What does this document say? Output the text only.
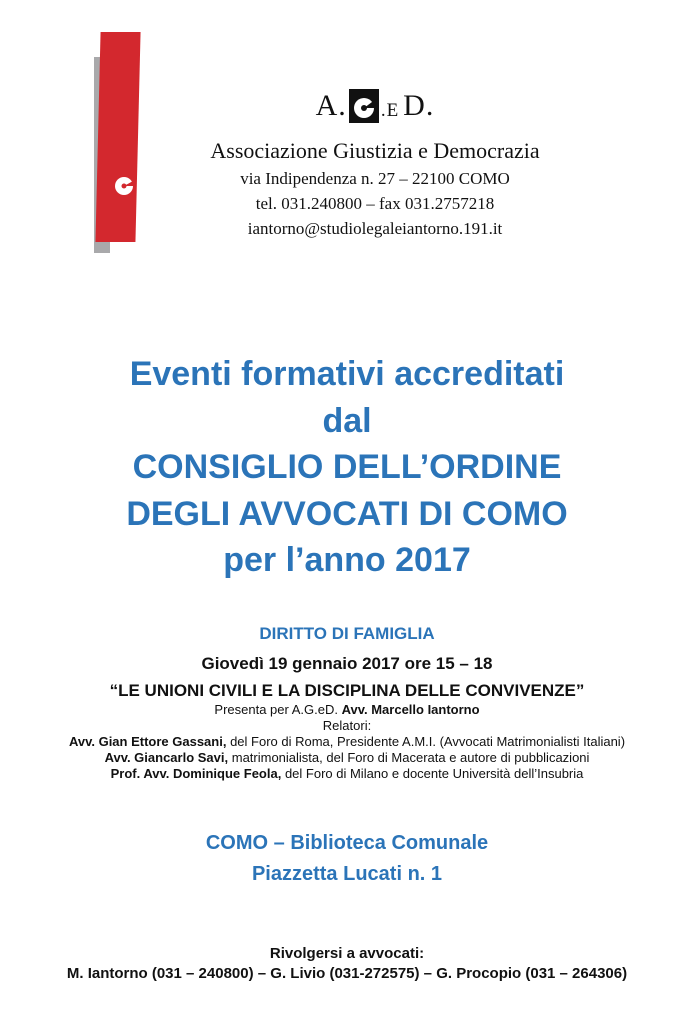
A. .E D.
Associazione Giustizia e Democrazia
via Indipendenza n. 27 – 22100 COMO
tel. 031.240800 – fax 031.2757218
iantorno@studiolegaleiantorno.191.it
Eventi formativi accreditati
dal
CONSIGLIO DELL’ORDINE
DEGLI AVVOCATI DI COMO
per l’anno 2017
DIRITTO DI FAMIGLIA
Giovedì 19 gennaio 2017 ore 15 – 18
“LE UNIONI CIVILI E LA DISCIPLINA DELLE CONVIVENZE”
Presenta per A.G.eD. Avv. Marcello Iantorno
Relatori:
Avv. Gian Ettore Gassani, del Foro di Roma, Presidente A.M.I. (Avvocati Matrimonialisti Italiani)
Avv. Giancarlo Savi, matrimonialista, del Foro di Macerata e autore di pubblicazioni
Prof. Avv. Dominique Feola, del Foro di Milano e docente Università dell’Insubria
COMO – Biblioteca Comunale
Piazzetta Lucati n. 1
Rivolgersi a avvocati:
M. Iantorno (031 – 240800) – G. Livio (031-272575) – G. Procopio (031 – 264306)
